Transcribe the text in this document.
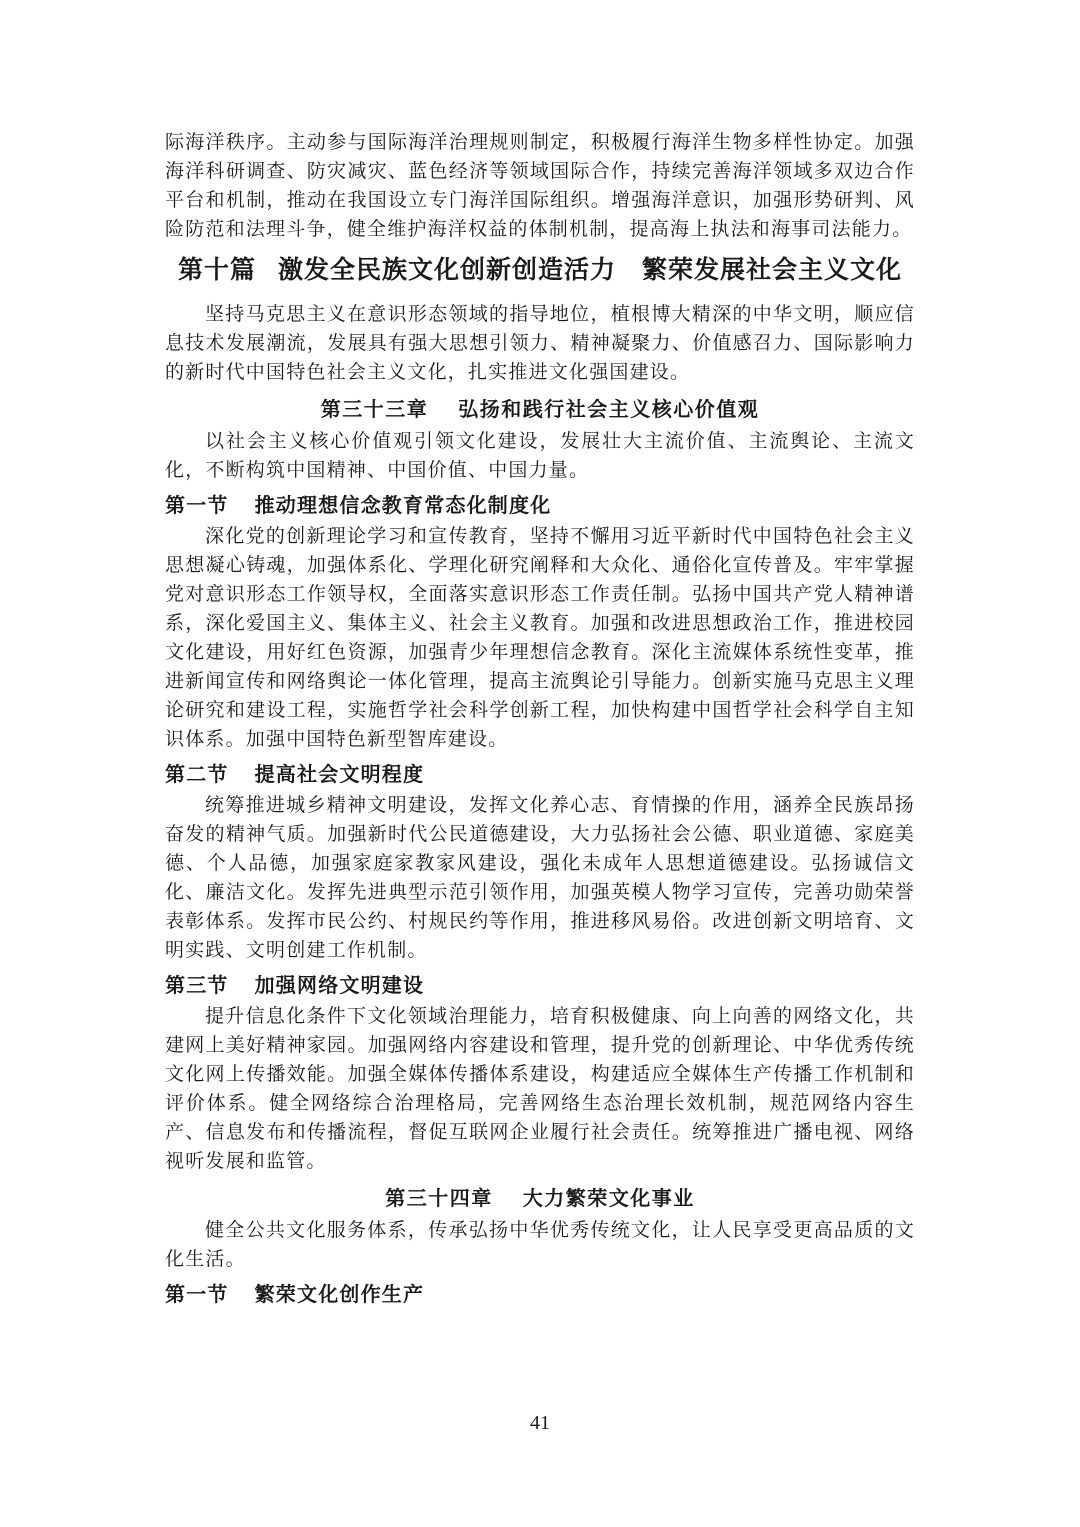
际海洋秩序。主动参与国际海洋治理规则制定，积极履行海洋生物多样性协定。加强海洋科研调查、防灾减灾、蓝色经济等领域国际合作，持续完善海洋领域多双边合作平台和机制，推动在我国设立专门海洋国际组织。增强海洋意识，加强形势研判、风险防范和法理斗争，健全维护海洋权益的体制机制，提高海上执法和海事司法能力。

第十篇 激发全民族文化创新创造活力　繁荣发展社会主义文化

坚持马克思主义在意识形态领域的指导地位，植根博大精深的中华文明，顺应信息技术发展潮流，发展具有强大思想引领力、精神凝聚力、价值感召力、国际影响力的新时代中国特色社会主义文化，扎实推进文化强国建设。

第三十三章 弘扬和践行社会主义核心价值观

以社会主义核心价值观引领文化建设，发展壮大主流价值、主流舆论、主流文化，不断构筑中国精神、中国价值、中国力量。

第一节 推动理想信念教育常态化制度化

深化党的创新理论学习和宣传教育，坚持不懈用习近平新时代中国特色社会主义思想凝心铸魂，加强体系化、学理化研究阐释和大众化、通俗化宣传普及。牢牢掌握党对意识形态工作领导权，全面落实意识形态工作责任制。弘扬中国共产党人精神谱系，深化爱国主义、集体主义、社会主义教育。加强和改进思想政治工作，推进校园文化建设，用好红色资源，加强青少年理想信念教育。深化主流媒体系统性变革，推进新闻宣传和网络舆论一体化管理，提高主流舆论引导能力。创新实施马克思主义理论研究和建设工程，实施哲学社会科学创新工程，加快构建中国哲学社会科学自主知识体系。加强中国特色新型智库建设。

第二节 提高社会文明程度

统筹推进城乡精神文明建设，发挥文化养心志、育情操的作用，涵养全民族昂扬奋发的精神气质。加强新时代公民道德建设，大力弘扬社会公德、职业道德、家庭美德、个人品德，加强家庭家教家风建设，强化未成年人思想道德建设。弘扬诚信文化、廉洁文化。发挥先进典型示范引领作用，加强英模人物学习宣传，完善功勋荣誉表彰体系。发挥市民公约、村规民约等作用，推进移风易俗。改进创新文明培育、文明实践、文明创建工作机制。

第三节 加强网络文明建设

提升信息化条件下文化领域治理能力，培育积极健康、向上向善的网络文化，共建网上美好精神家园。加强网络内容建设和管理，提升党的创新理论、中华优秀传统文化网上传播效能。加强全媒体传播体系建设，构建适应全媒体生产传播工作机制和评价体系。健全网络综合治理格局，完善网络生态治理长效机制，规范网络内容生产、信息发布和传播流程，督促互联网企业履行社会责任。统筹推进广播电视、网络视听发展和监管。

第三十四章 大力繁荣文化事业

健全公共文化服务体系，传承弘扬中华优秀传统文化，让人民享受更高品质的文化生活。

第一节 繁荣文化创作生产
41
